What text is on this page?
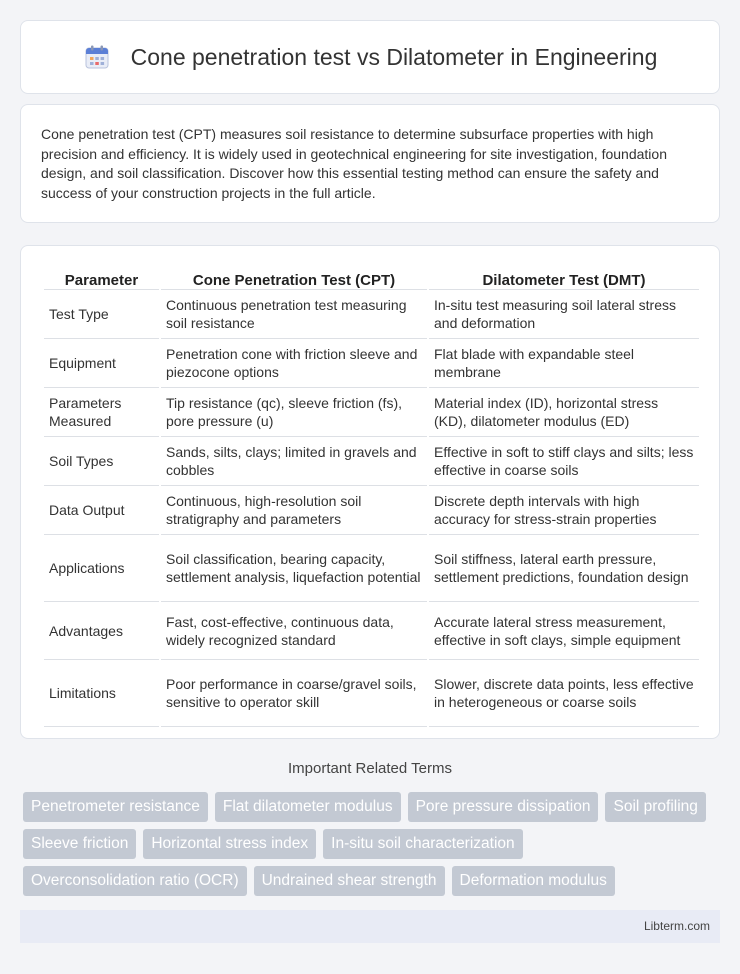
Cone penetration test vs Dilatometer in Engineering

Cone penetration test (CPT) measures soil resistance to determine subsurface properties with high precision and efficiency. It is widely used in geotechnical engineering for site investigation, foundation design, and soil classification. Discover how this essential testing method can ensure the safety and success of your construction projects in the full article.

Parameter	Cone Penetration Test (CPT)	Dilatometer Test (DMT)
Test Type	Continuous penetration test measuring soil resistance	In-situ test measuring soil lateral stress and deformation
Equipment	Penetration cone with friction sleeve and piezocone options	Flat blade with expandable steel membrane
Parameters Measured	Tip resistance (qc), sleeve friction (fs), pore pressure (u)	Material index (ID), horizontal stress (KD), dilatometer modulus (ED)
Soil Types	Sands, silts, clays; limited in gravels and cobbles	Effective in soft to stiff clays and silts; less effective in coarse soils
Data Output	Continuous, high-resolution soil stratigraphy and parameters	Discrete depth intervals with high accuracy for stress-strain properties
Applications	Soil classification, bearing capacity, settlement analysis, liquefaction potential	Soil stiffness, lateral earth pressure, settlement predictions, foundation design
Advantages	Fast, cost-effective, continuous data, widely recognized standard	Accurate lateral stress measurement, effective in soft clays, simple equipment
Limitations	Poor performance in coarse/gravel soils, sensitive to operator skill	Slower, discrete data points, less effective in heterogeneous or coarse soils
Important Related Terms
Penetrometer resistance	Flat dilatometer modulus	Pore pressure dissipation	Soil profiling
Sleeve friction	Horizontal stress index	In-situ soil characterization
Overconsolidation ratio (OCR)	Undrained shear strength	Deformation modulus
Libterm.com
